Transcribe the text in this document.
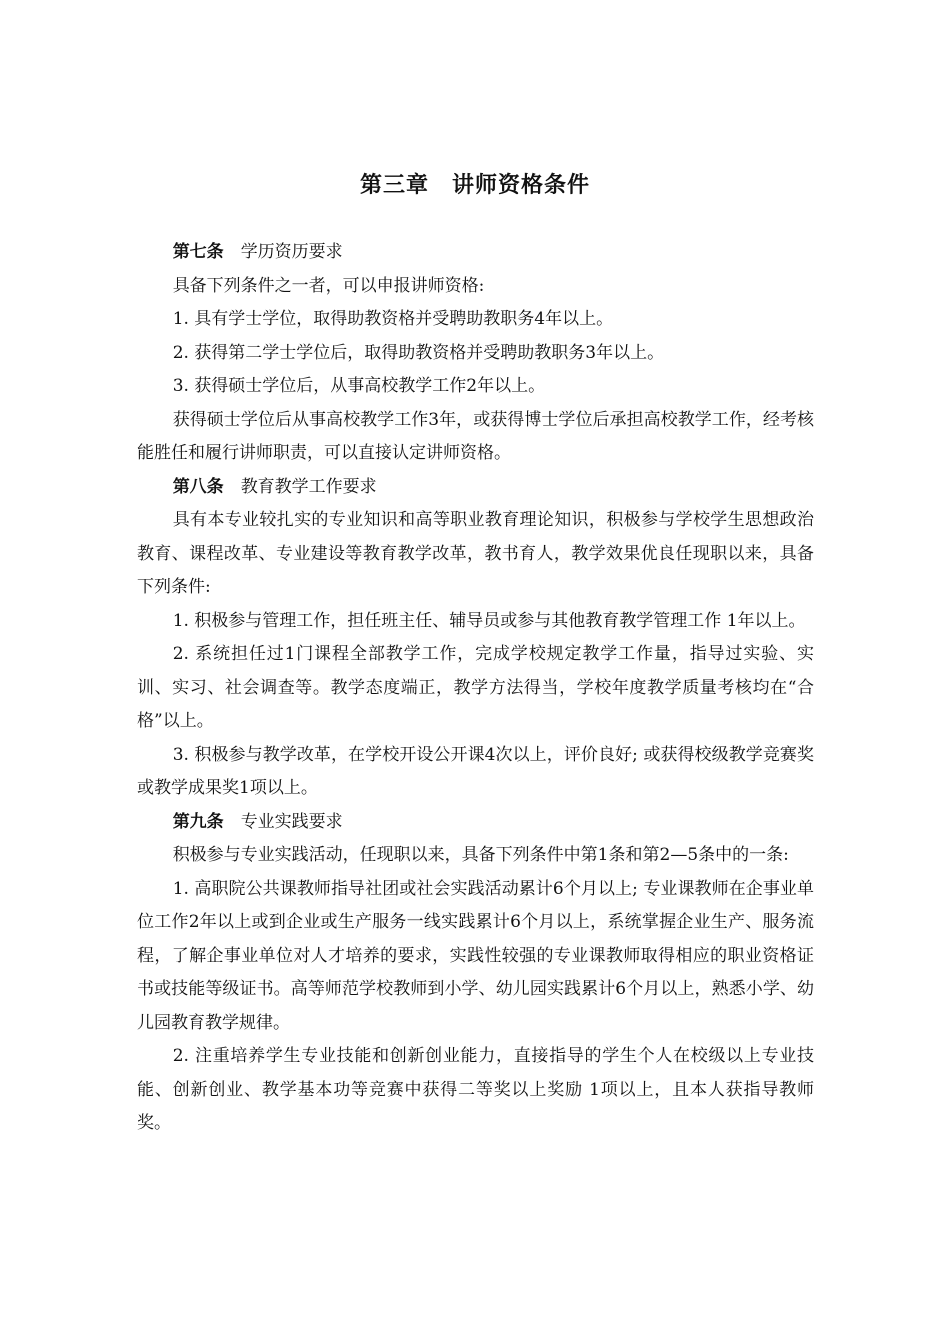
第三章　讲师资格条件

第七条 学历资历要求

具备下列条件之一者，可以申报讲师资格:

1. 具有学士学位，取得助教资格并受聘助教职务4年以上。

2. 获得第二学士学位后，取得助教资格并受聘助教职务3年以上。

3. 获得硕士学位后，从事高校教学工作2年以上。

获得硕士学位后从事高校教学工作3年，或获得博士学位后承担高校教学工作，经考核能胜任和履行讲师职责，可以直接认定讲师资格。

第八条 教育教学工作要求

具有本专业较扎实的专业知识和高等职业教育理论知识，积极参与学校学生思想政治教育、课程改革、专业建设等教育教学改革，教书育人，教学效果优良任现职以来，具备下列条件:

1. 积极参与管理工作，担任班主任、辅导员或参与其他教育教学管理工作 1年以上。

2. 系统担任过1门课程全部教学工作，完成学校规定教学工作量，指导过实验、实训、实习、社会调查等。教学态度端正，教学方法得当，学校年度教学质量考核均在“合格”以上。

3. 积极参与教学改革，在学校开设公开课4次以上，评价良好; 或获得校级教学竞赛奖或教学成果奖1项以上。

第九条 专业实践要求

积极参与专业实践活动，任现职以来，具备下列条件中第1条和第2—5条中的一条:

1. 高职院公共课教师指导社团或社会实践活动累计6个月以上; 专业课教师在企事业单位工作2年以上或到企业或生产服务一线实践累计6个月以上，系统掌握企业生产、服务流程，了解企事业单位对人才培养的要求，实践性较强的专业课教师取得相应的职业资格证书或技能等级证书。高等师范学校教师到小学、幼儿园实践累计6个月以上，熟悉小学、幼儿园教育教学规律。

2. 注重培养学生专业技能和创新创业能力，直接指导的学生个人在校级以上专业技能、创新创业、教学基本功等竞赛中获得二等奖以上奖励 1项以上，且本人获指导教师奖。
